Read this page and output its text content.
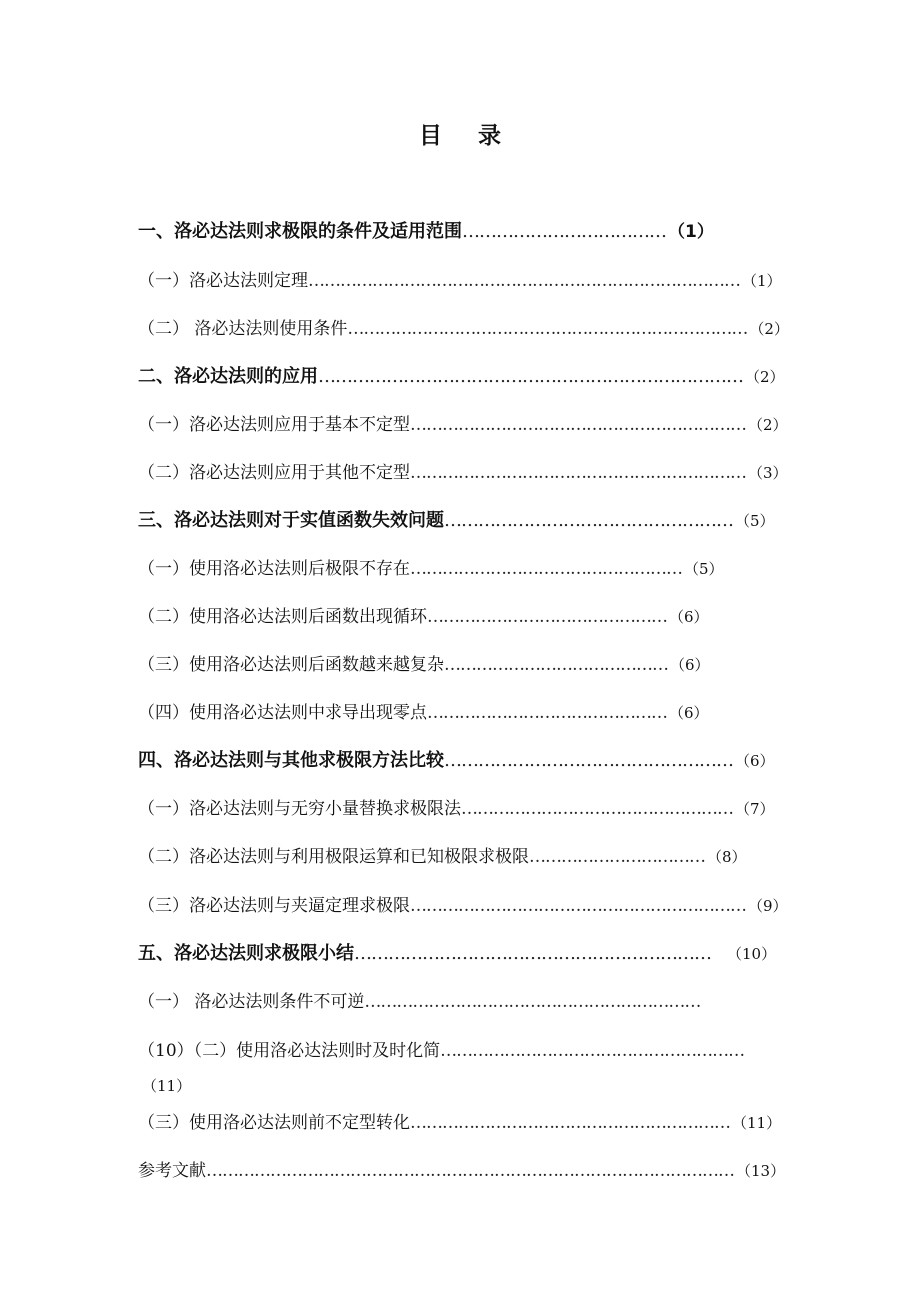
目 录
一、洛必达法则求极限的条件及适用范围……………………………… （1）
（一）洛必达法则定理……………………………………………………………………… （1）
（二） 洛必达法则使用条件………………………………………………………………… （2）
二、洛必达法则的应用………………………………………………………………… （2）
（一）洛必达法则应用于基本不定型……………………………………………………… （2）
（二）洛必达法则应用于其他不定型……………………………………………………… （3）
三、洛必达法则对于实值函数失效问题…………………………………………… （5）
（一）使用洛必达法则后极限不存在…………………………………………… （5）
（二）使用洛必达法则后函数出现循环……………………………………… （6）
（三）使用洛必达法则后函数越来越复杂…………………………………… （6）
（四）使用洛必达法则中求导出现零点……………………………………… （6）
四、洛必达法则与其他求极限方法比较…………………………………………… （6）
（一）洛必达法则与无穷小量替换求极限法…………………………………………… （7）
（二）洛必达法则与利用极限运算和已知极限求极限…………………………… （8）
（三）洛必达法则与夹逼定理求极限……………………………………………………… （9）
五、洛必达法则求极限小结……………………………………………………… （10）
（一） 洛必达法则条件不可逆………………………………………………………
（10）（二）使用洛必达法则时及时化简…………………………………………………
（11）
（三）使用洛必达法则前不定型转化…………………………………………………… （11）
参考文献……………………………………………………………………………………… （13）
